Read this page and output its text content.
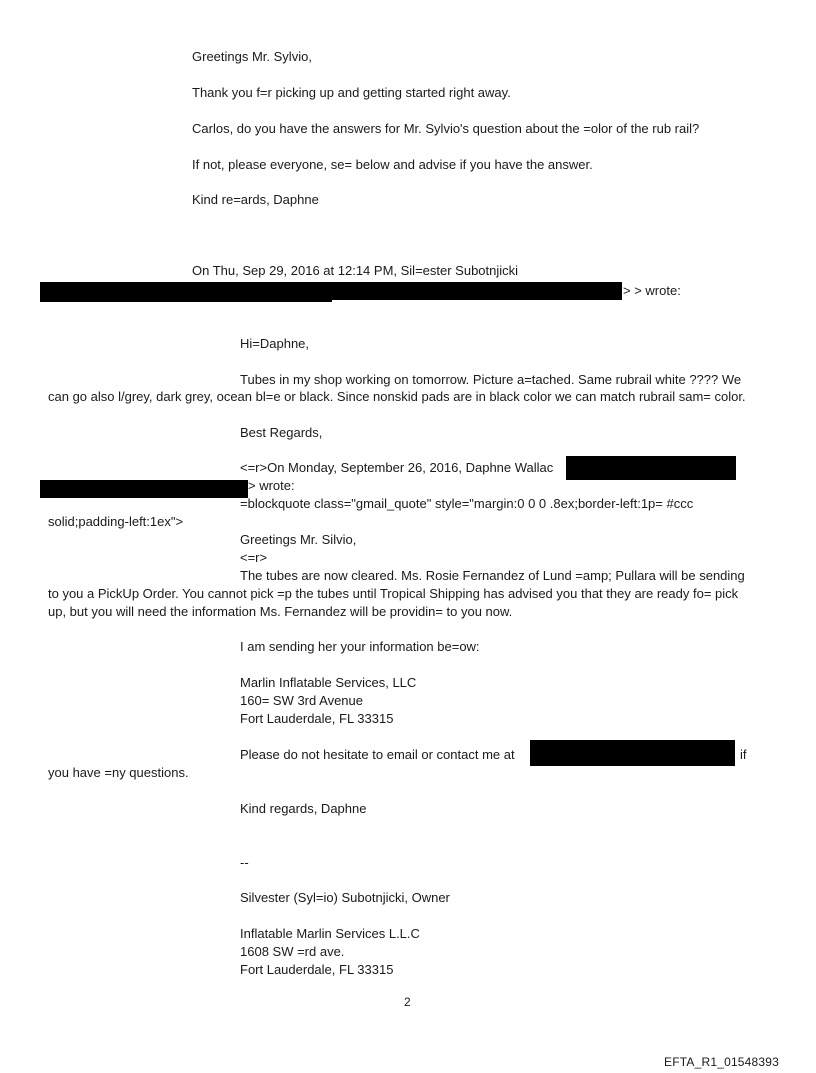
Greetings Mr. Sylvio,
Thank you f=r picking up and getting started right away.
Carlos, do you have the answers for Mr. Sylvio's question about the =olor of the rub rail?
If not, please everyone, se= below and advise if you have the answer.
Kind re=ards, Daphne
On Thu, Sep 29, 2016 at 12:14 PM, Sil=ester Subotnjicki
> > wrote:
Hi=Daphne,
Tubes in my shop working on tomorrow. Picture a=tached. Same rubrail white ???? We
can go also l/grey, dark grey, ocean bl=e or black. Since nonskid pads are in black color we can match rubrail sam= color.
Best Regards,
<=r>On Monday, September 26, 2016, Daphne Wallac
> wrote:
=blockquote class="gmail_quote" style="margin:0 0 0 .8ex;border-left:1p= #ccc
solid;padding-left:1ex">
Greetings Mr. Silvio,
<=r>
The tubes are now cleared. Ms. Rosie Fernandez of Lund =amp; Pullara will be sending
to you a PickUp Order. You cannot pick =p the tubes until Tropical Shipping has advised you that they are ready fo= pick
up, but you will need the information Ms. Fernandez will be providin= to you now.
I am sending her your information be=ow:
Marlin Inflatable Services, LLC
160= SW 3rd Avenue
Fort Lauderdale, FL 33315
Please do not hesitate to email or contact me at	if
you have =ny questions.
Kind regards, Daphne
--
Silvester (Syl=io) Subotnjicki, Owner
Inflatable Marlin Services L.L.C
1608 SW =rd ave.
Fort Lauderdale, FL 33315
2
EFTA_R1_01548393
